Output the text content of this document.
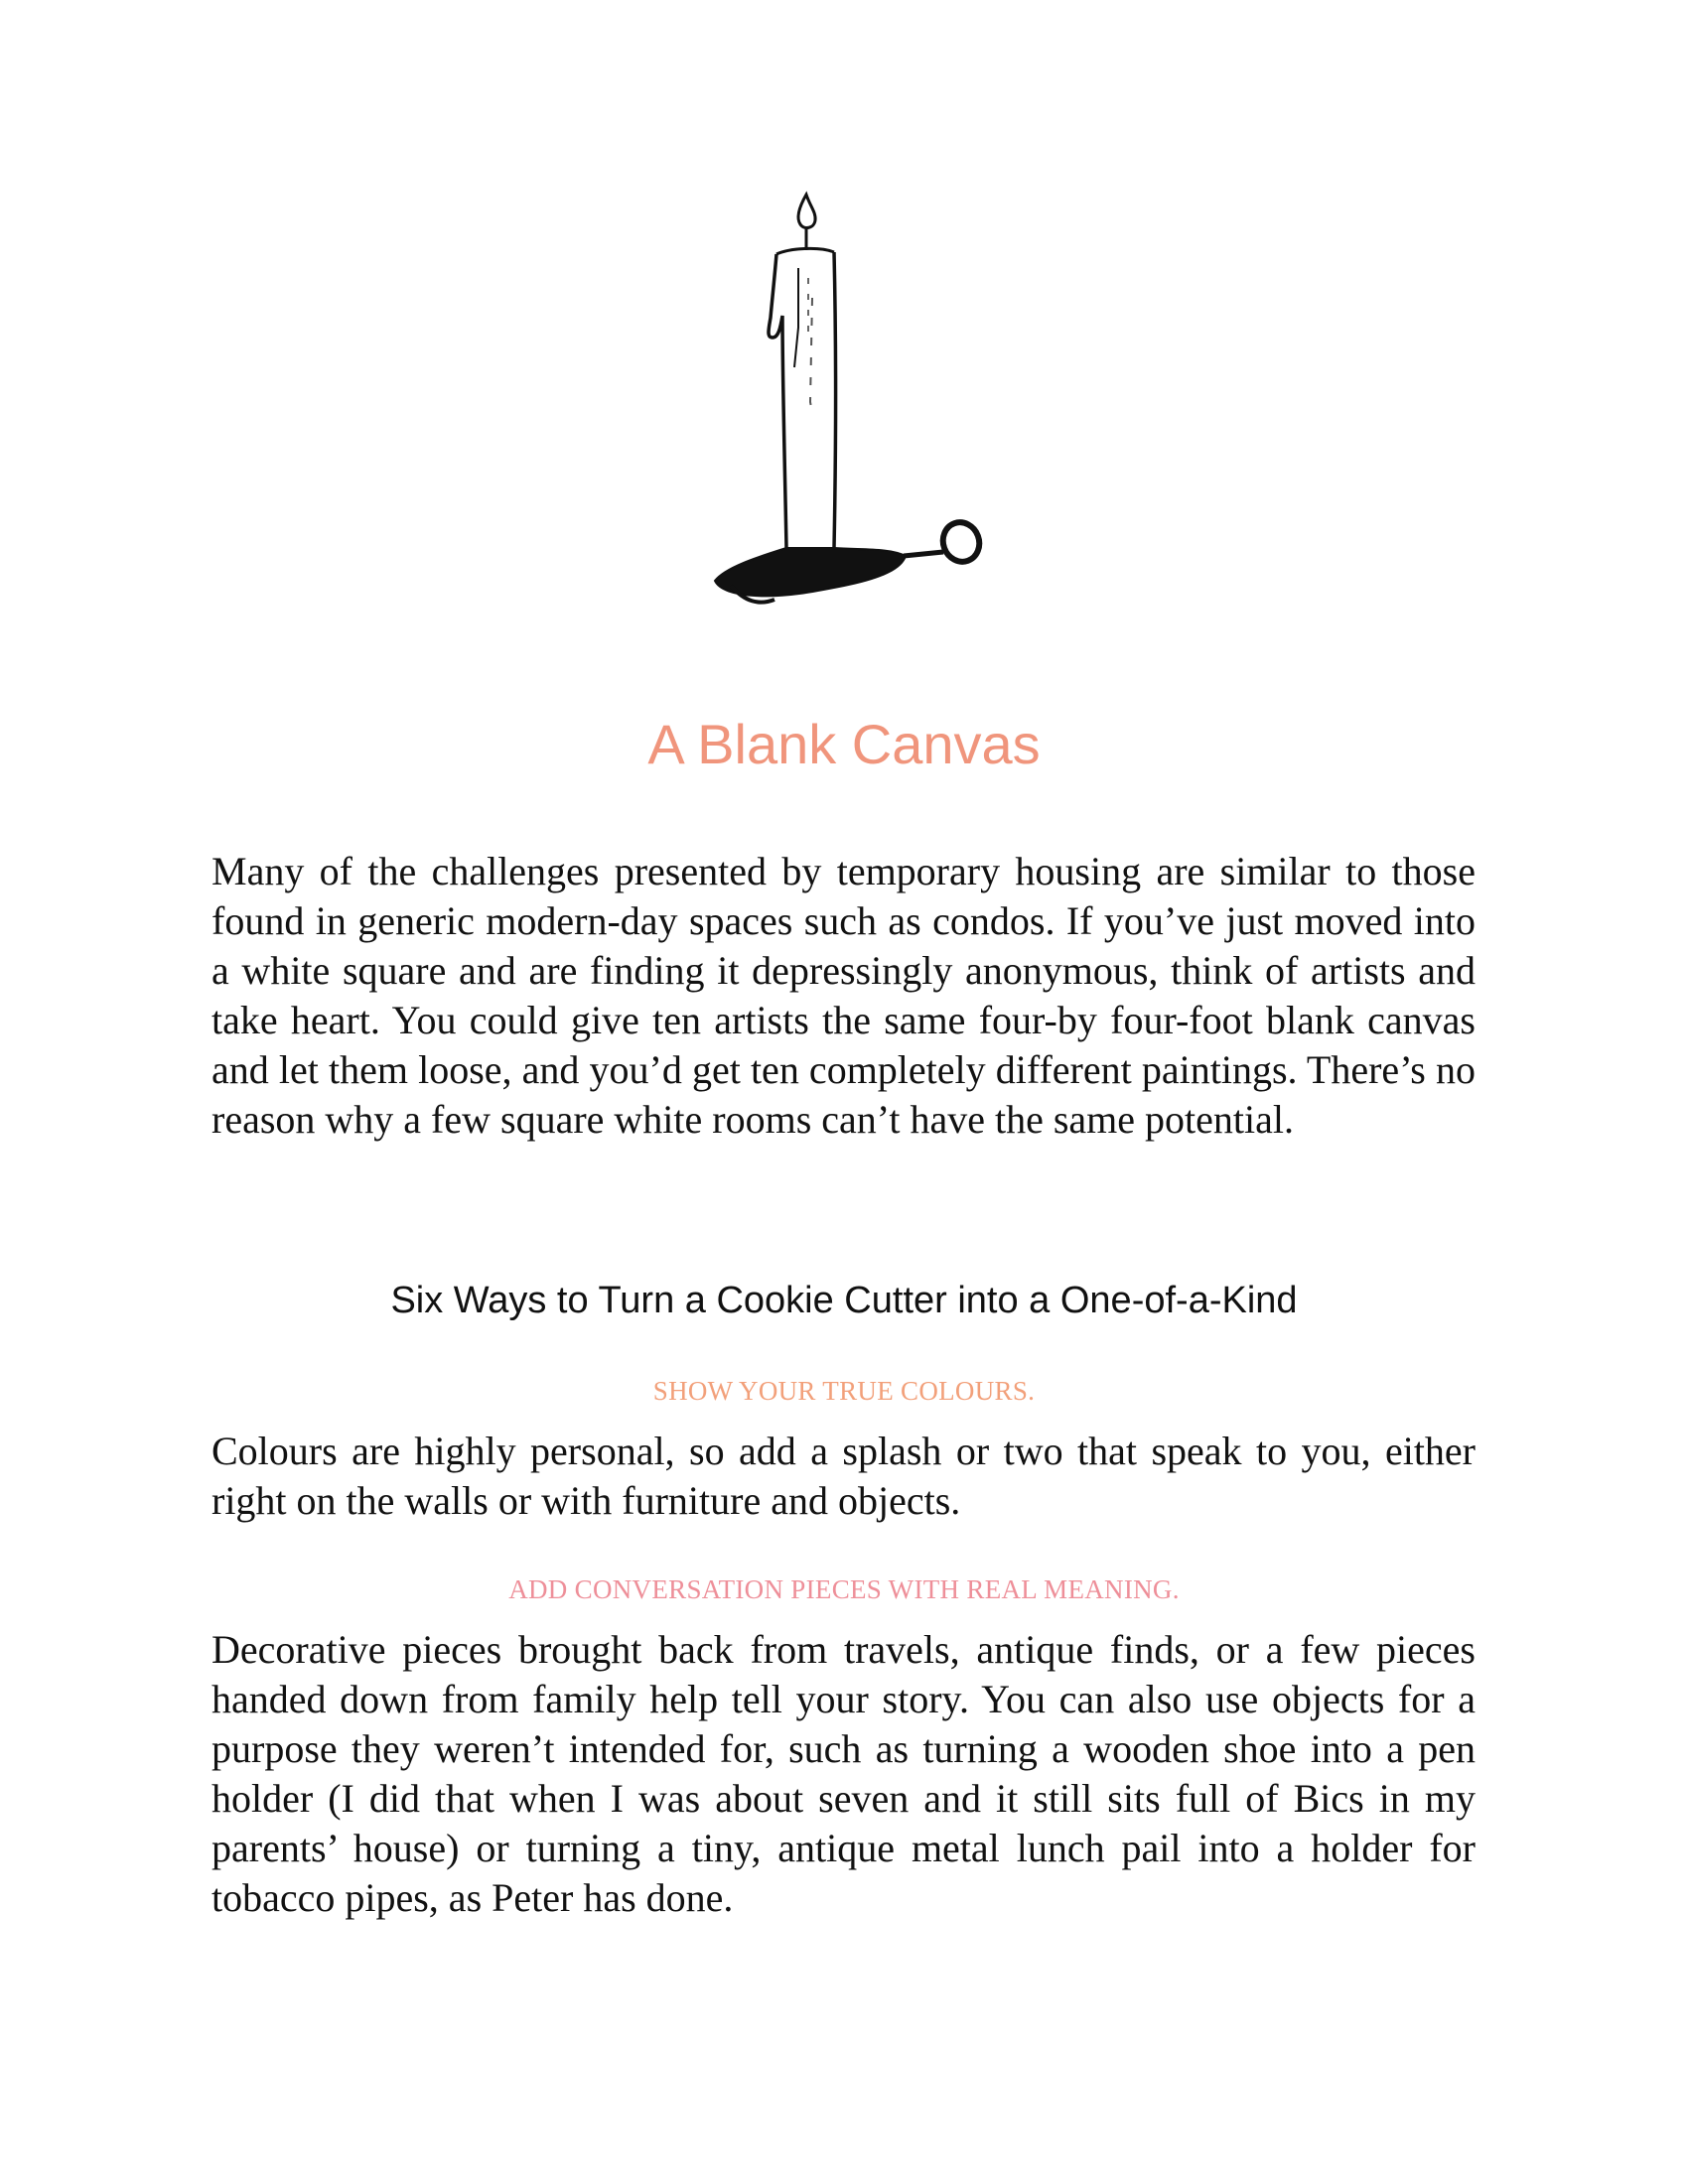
A Blank Canvas

Many of the challenges presented by temporary housing are similar to those found in generic modern-day spaces such as condos. If you’ve just moved into a white square and are finding it depressingly anonymous, think of artists and take heart. You could give ten artists the same four-by four-foot blank canvas and let them loose, and you’d get ten completely different paintings. There’s no reason why a few square white rooms can’t have the same potential.

Six Ways to Turn a Cookie Cutter into a One-of-a-Kind
SHOW YOUR TRUE COLOURS.

Colours are highly personal, so add a splash or two that speak to you, either right on the walls or with furniture and objects.

ADD CONVERSATION PIECES WITH REAL MEANING.

Decorative pieces brought back from travels, antique finds, or a few pieces handed down from family help tell your story. You can also use objects for a purpose they weren’t intended for, such as turning a wooden shoe into a pen holder (I did that when I was about seven and it still sits full of Bics in my parents’ house) or turning a tiny, antique metal lunch pail into a holder for tobacco pipes, as Peter has done.
